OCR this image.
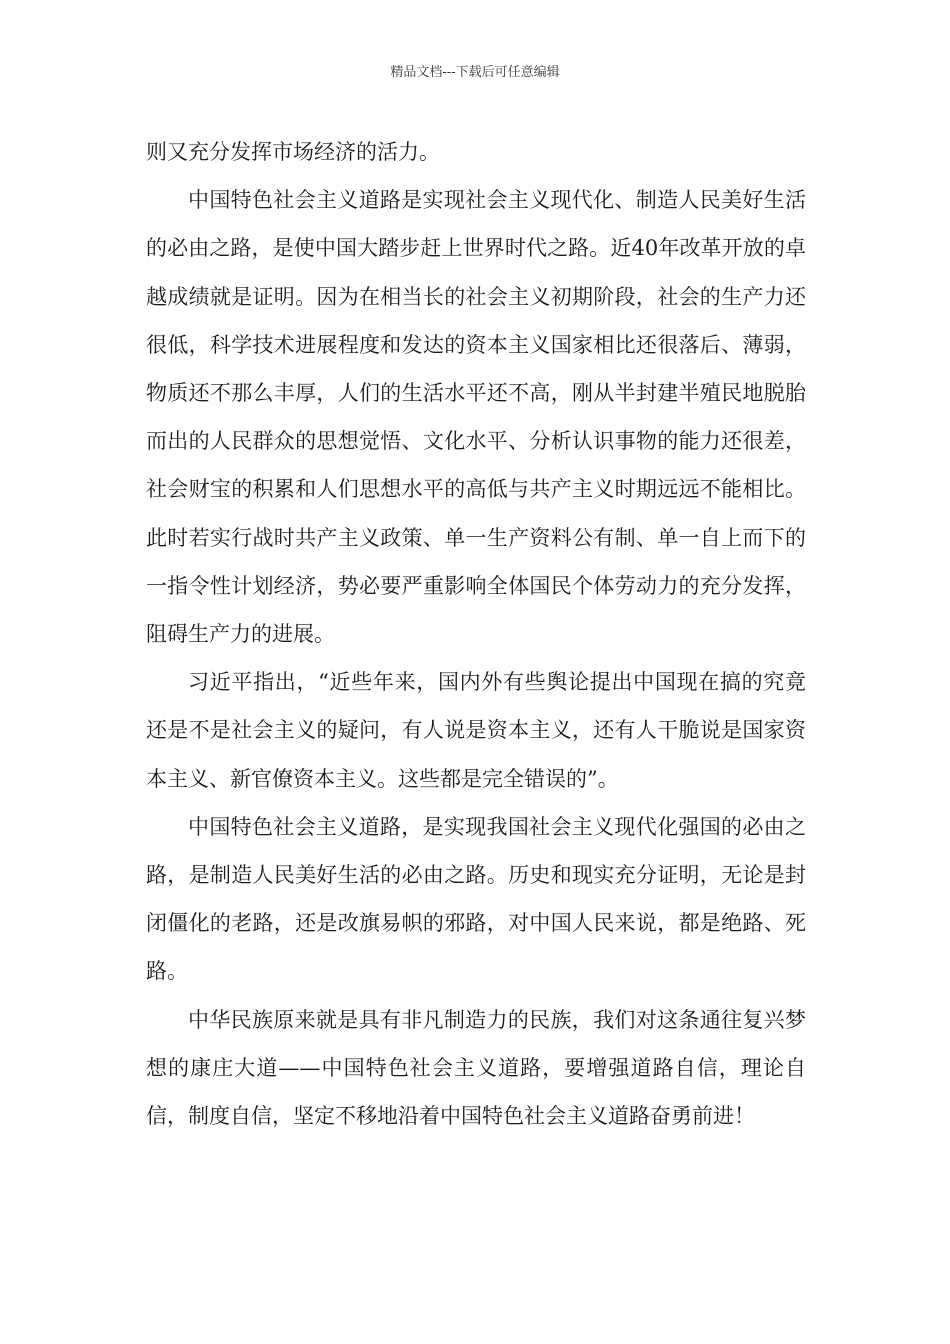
精品文档---下载后可任意编辑

则又充分发挥市场经济的活力。

中国特色社会主义道路是实现社会主义现代化、制造人民美好生活的必由之路，是使中国大踏步赶上世界时代之路。近40年改革开放的卓越成绩就是证明。因为在相当长的社会主义初期阶段，社会的生产力还很低，科学技术进展程度和发达的资本主义国家相比还很落后、薄弱，物质还不那么丰厚，人们的生活水平还不高，刚从半封建半殖民地脱胎而出的人民群众的思想觉悟、文化水平、分析认识事物的能力还很差，社会财宝的积累和人们思想水平的高低与共产主义时期远远不能相比。此时若实行战时共产主义政策、单一生产资料公有制、单一自上而下的一指令性计划经济，势必要严重影响全体国民个体劳动力的充分发挥，阻碍生产力的进展。

习近平指出，“近些年来，国内外有些舆论提出中国现在搞的究竟还是不是社会主义的疑问，有人说是资本主义，还有人干脆说是国家资本主义、新官僚资本主义。这些都是完全错误的”。

中国特色社会主义道路，是实现我国社会主义现代化强国的必由之路，是制造人民美好生活的必由之路。历史和现实充分证明，无论是封闭僵化的老路，还是改旗易帜的邪路，对中国人民来说，都是绝路、死路。

中华民族原来就是具有非凡制造力的民族，我们对这条通往复兴梦想的康庄大道——中国特色社会主义道路，要增强道路自信，理论自信，制度自信，坚定不移地沿着中国特色社会主义道路奋勇前进！
